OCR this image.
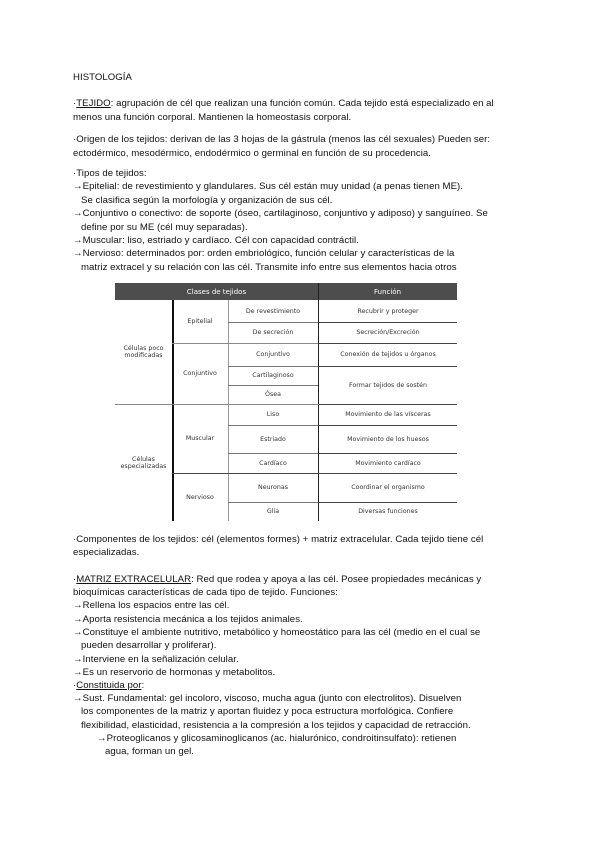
HISTOLOGÍA
·TEJIDO: agrupación de cél que realizan una función común. Cada tejido está especializado en al
menos una función corporal. Mantienen la homeostasis corporal.
·Origen de los tejidos: derivan de las 3 hojas de la gástrula (menos las cél sexuales) Pueden ser:
ectodérmico, mesodérmico, endodérmico o germinal en función de su procedencia.
Clases de tejidos	Función
Células poco modificadas
Células especializadas
Epitelial
Conjuntivo
Muscular
Nervioso
De revestimiento
De secreción
Conjuntivo
Cartilaginoso
Ósea
Liso
Estriado
Cardíaco
Neuronas
Glía
Recubrir y proteger
Secreción/Excreción
Conexión de tejidos u órganos
Formar tejidos de sostén
Movimiento de las vísceras
Movimiento de los huesos
Movimiento cardíaco
Coordinar el organismo
Diversas funciones
·Componentes de los tejidos: cél (elementos formes) + matriz extracelular. Cada tejido tiene cél
especializadas.
·MATRIZ EXTRACELULAR: Red que rodea y apoya a las cél. Posee propiedades mecánicas y
·Constituida por:
·Tipos de tejidos:
→Epitelial: de revestimiento y glandulares. Sus cél están muy unidad (a penas tienen ME).
Se clasifica según la morfología y organización de sus cél.
→Conjuntivo o conectivo: de soporte (óseo, cartilaginoso, conjuntivo y adiposo) y sanguíneo. Se
define por su ME (cél muy separadas).
→Muscular: liso, estriado y cardíaco. Cél con capacidad contráctil.
→Nervioso: determinados por: orden embriológico, función celular y características de la
matriz extracel y su relación con las cél. Transmite info entre sus elementos hacia otros
bioquímicas características de cada tipo de tejido. Funciones:
→Rellena los espacios entre las cél.
→Aporta resistencia mecánica a los tejidos animales.
→Constituye el ambiente nutritivo, metabólico y homeostático para las cél (medio en el cual se
pueden desarrollar y proliferar).
→Interviene en la señalización celular.
→Es un reservorio de hormonas y metabolitos.
→Sust. Fundamental: gel incoloro, viscoso, mucha agua (junto con electrolitos). Disuelven
los componentes de la matriz y aportan fluidez y poca estructura morfológica. Confiere
flexibilidad, elasticidad, resistencia a la compresión a los tejidos y capacidad de retracción.
→Proteoglicanos y glicosaminoglicanos (ac. hialurónico, condroitinsulfato): retienen
agua, forman un gel.
